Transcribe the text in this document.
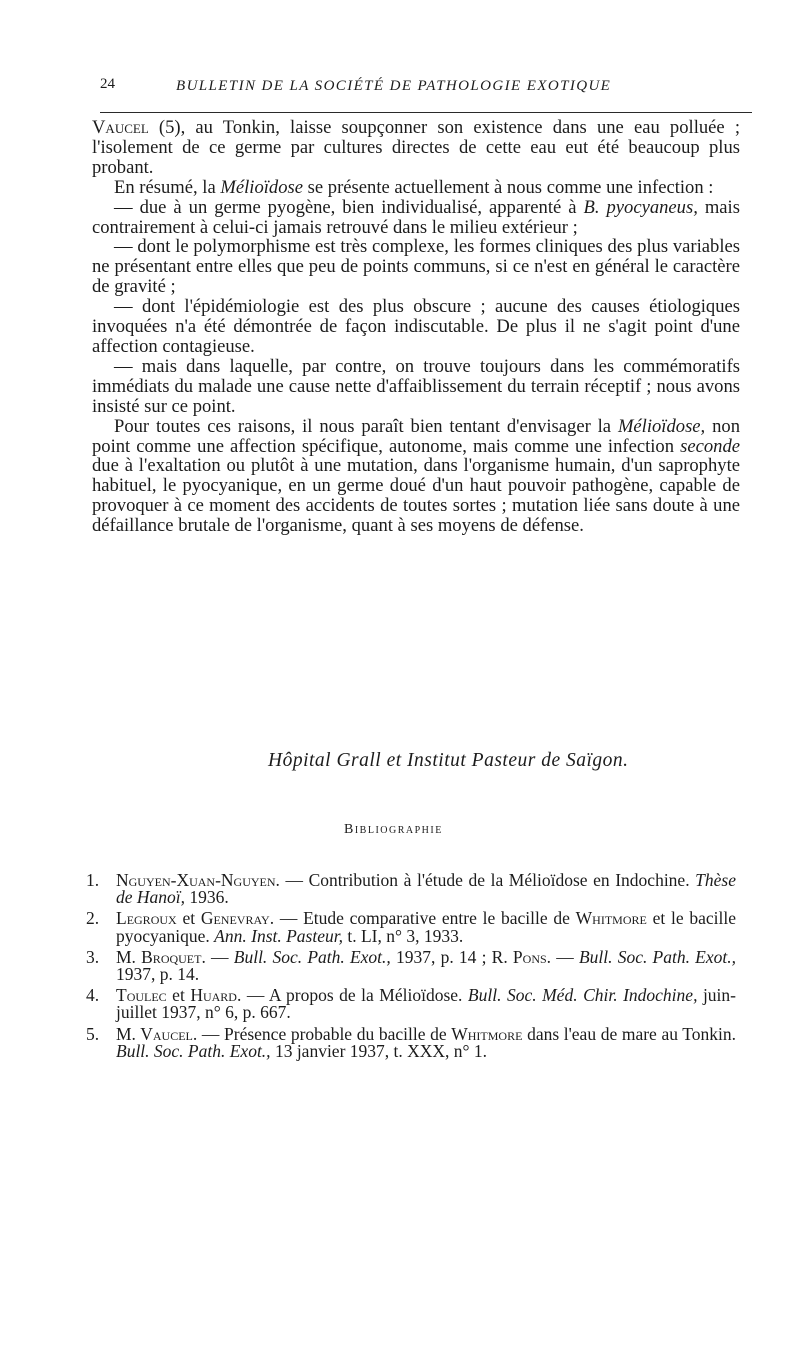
24	BULLETIN DE LA SOCIÉTÉ DE PATHOLOGIE EXOTIQUE

Vaucel (5), au Tonkin, laisse soupçonner son existence dans une eau polluée ; l'isolement de ce germe par cultures directes de cette eau eut été beaucoup plus probant.

En résumé, la Mélioïdose se présente actuellement à nous comme une infection :

— due à un germe pyogène, bien individualisé, apparenté à B. pyocyaneus, mais contrairement à celui-ci jamais retrouvé dans le milieu extérieur ;

— dont le polymorphisme est très complexe, les formes cliniques des plus variables ne présentant entre elles que peu de points communs, si ce n'est en général le caractère de gravité ;

— dont l'épidémiologie est des plus obscure ; aucune des causes étiologiques invoquées n'a été démontrée de façon indiscutable. De plus il ne s'agit point d'une affection contagieuse.

— mais dans laquelle, par contre, on trouve toujours dans les commémoratifs immédiats du malade une cause nette d'affaiblissement du terrain réceptif ; nous avons insisté sur ce point.

Pour toutes ces raisons, il nous paraît bien tentant d'envisager la Mélioïdose, non point comme une affection spécifique, autonome, mais comme une infection seconde due à l'exaltation ou plutôt à une mutation, dans l'organisme humain, d'un saprophyte habituel, le pyocyanique, en un germe doué d'un haut pouvoir pathogène, capable de provoquer à ce moment des accidents de toutes sortes ; mutation liée sans doute à une défaillance brutale de l'organisme, quant à ses moyens de défense.

Hôpital Grall et Institut Pasteur de Saïgon.
Bibliographie
1. Nguyen-Xuan-Nguyen. — Contribution à l'étude de la Mélioïdose en Indochine. Thèse de Hanoï, 1936.
2. Legroux et Genevray. — Etude comparative entre le bacille de Whitmore et le bacille pyocyanique. Ann. Inst. Pasteur, t. LI, n° 3, 1933.
3. M. Broquet. — Bull. Soc. Path. Exot., 1937, p. 14 ; R. Pons. — Bull. Soc. Path. Exot., 1937, p. 14.
4. Toulec et Huard. — A propos de la Mélioïdose. Bull. Soc. Méd. Chir. Indochine, juin-juillet 1937, n° 6, p. 667.
5. M. Vaucel. — Présence probable du bacille de Whitmore dans l'eau de mare au Tonkin. Bull. Soc. Path. Exot., 13 janvier 1937, t. XXX, n° 1.
